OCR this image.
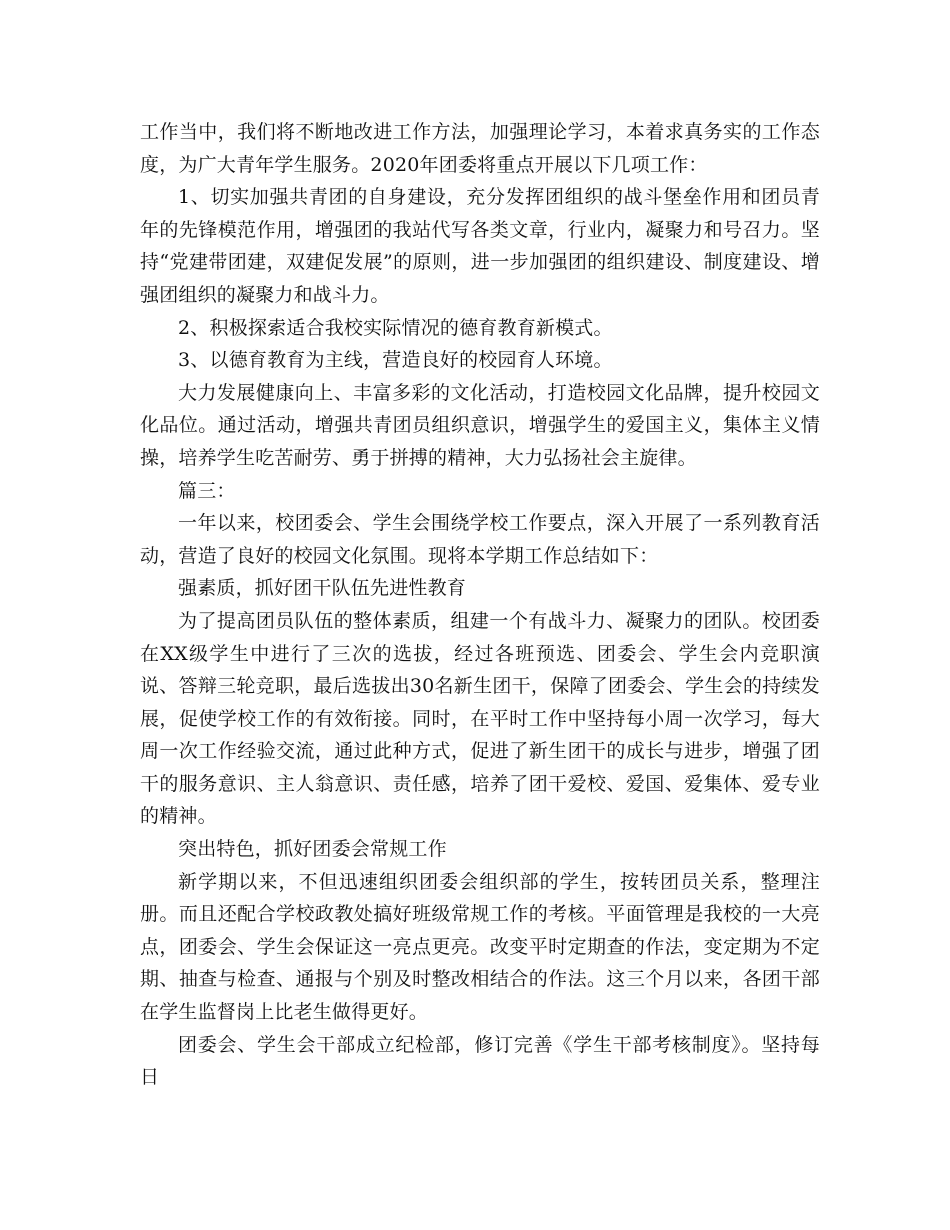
工作当中，我们将不断地改进工作方法，加强理论学习，本着求真务实的工作态度，为广大青年学生服务。2020年团委将重点开展以下几项工作：

1、切实加强共青团的自身建设，充分发挥团组织的战斗堡垒作用和团员青年的先锋模范作用，增强团的我站代写各类文章，行业内，凝聚力和号召力。坚持“党建带团建，双建促发展”的原则，进一步加强团的组织建设、制度建设、增强团组织的凝聚力和战斗力。

2、积极探索适合我校实际情况的德育教育新模式。

3、以德育教育为主线，营造良好的校园育人环境。

大力发展健康向上、丰富多彩的文化活动，打造校园文化品牌，提升校园文化品位。通过活动，增强共青团员组织意识，增强学生的爱国主义，集体主义情操，培养学生吃苦耐劳、勇于拼搏的精神，大力弘扬社会主旋律。

篇三：

一年以来，校团委会、学生会围绕学校工作要点，深入开展了一系列教育活动，营造了良好的校园文化氛围。现将本学期工作总结如下：

强素质，抓好团干队伍先进性教育

为了提高团员队伍的整体素质，组建一个有战斗力、凝聚力的团队。校团委在XX级学生中进行了三次的选拔，经过各班预选、团委会、学生会内竞职演说、答辩三轮竞职，最后选拔出30名新生团干，保障了团委会、学生会的持续发展，促使学校工作的有效衔接。同时，在平时工作中坚持每小周一次学习，每大周一次工作经验交流，通过此种方式，促进了新生团干的成长与进步，增强了团干的服务意识、主人翁意识、责任感，培养了团干爱校、爱国、爱集体、爱专业的精神。

突出特色，抓好团委会常规工作

新学期以来，不但迅速组织团委会组织部的学生，按转团员关系，整理注册。而且还配合学校政教处搞好班级常规工作的考核。平面管理是我校的一大亮点，团委会、学生会保证这一亮点更亮。改变平时定期查的作法，变定期为不定期、抽查与检查、通报与个别及时整改相结合的作法。这三个月以来，各团干部在学生监督岗上比老生做得更好。

团委会、学生会干部成立纪检部，修订完善《学生干部考核制度》。坚持每日
